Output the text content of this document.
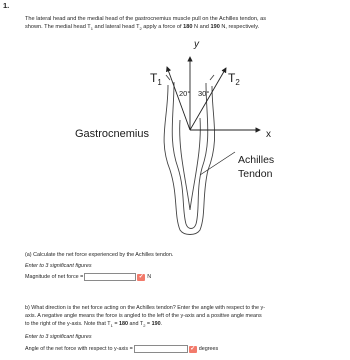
1.
The lateral head and the medial head of the gastrocnemius muscle pull on the Achilles tendon, as
shown. The medial head $T_1$ and lateral head $T_2$ apply a force of 180 N and 190 N, respectively.
$T_1$	$T_2$
y
x
20° 30°
Gastrocnemius
Achilles
Tendon
(a) Calculate the net force experienced by the Achilles tendon.
Enter to 3 significant figures
Magnitude of net force =	✓ N
b) What direction is the net force acting on the Achilles tendon? Enter the angle with respect to the y-
axis. A negative angle means the force is angled to the left of the y-axis and a positive angle means
to the right of the y-axis. Note that $T_1 = 180$ and $T_2 = 190$.
Enter to 3 significant figures
Angle of the net force with respect to y-axis =	✓ degrees
